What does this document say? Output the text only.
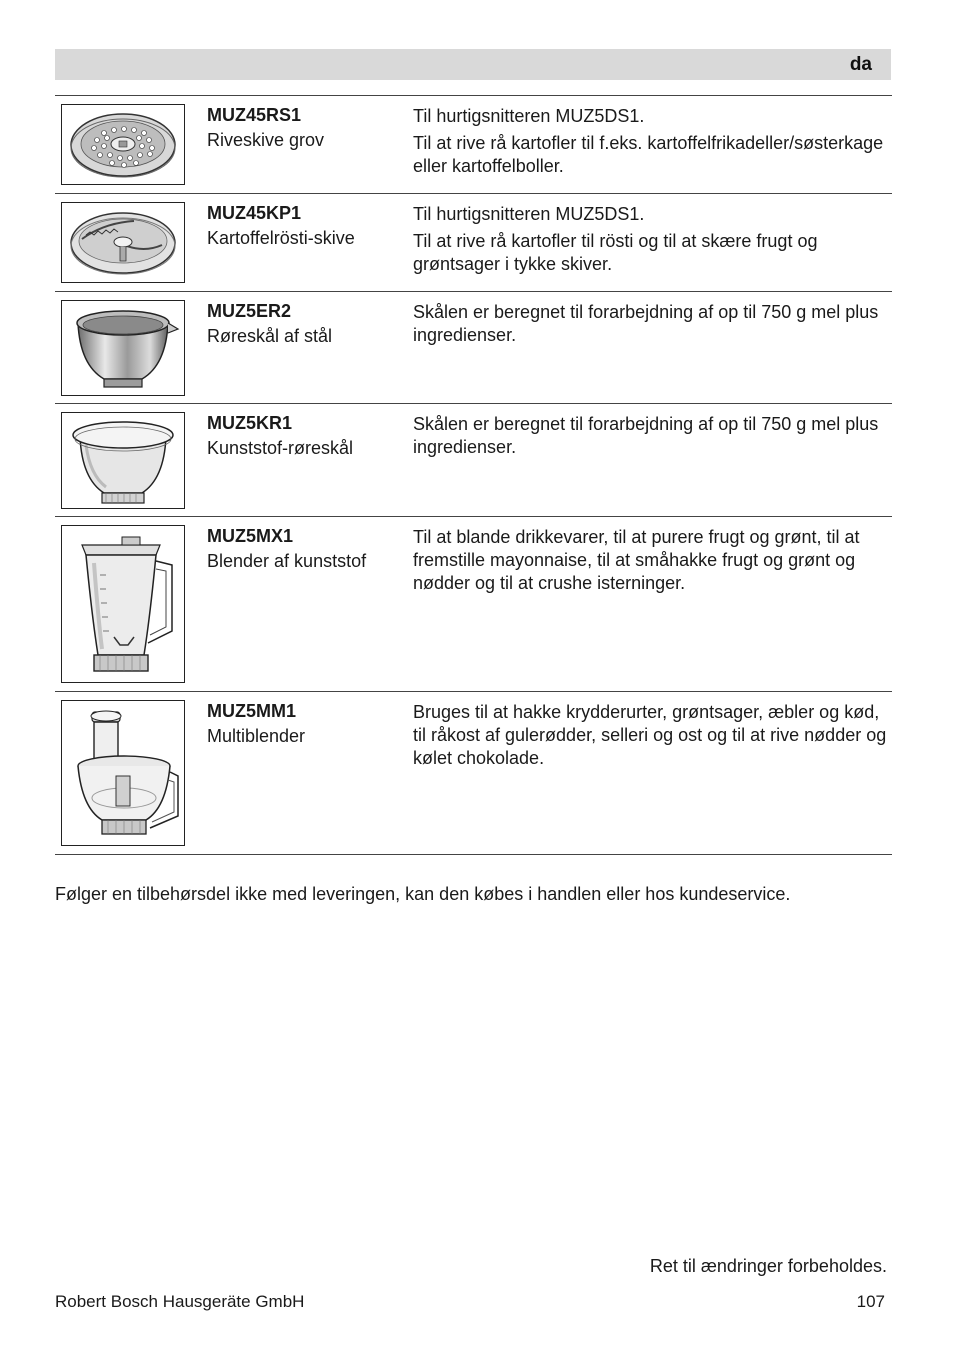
da
MUZ45RS1
Riveskive grov

Til hurtigsnitteren MUZ5DS1.

Til at rive rå kartofler til f.eks. kartoffelfrikadeller/søsterkage eller kartoffelboller.

MUZ45KP1
Kartoffelrösti-skive

Til hurtigsnitteren MUZ5DS1.

Til at rive rå kartofler til rösti og til at skære frugt og grøntsager i tykke skiver.

MUZ5ER2
Røreskål af stål

Skålen er beregnet til forarbejdning af op til 750 g mel plus ingredienser.

MUZ5KR1
Kunststof-røreskål

Skålen er beregnet til forarbejdning af op til 750 g mel plus ingredienser.

MUZ5MX1
Blender af kunststof

Til at blande drikkevarer, til at purere frugt og grønt, til at fremstille mayonnaise, til at småhakke frugt og grønt og nødder og til at crushe isterninger.

MUZ5MM1
Multiblender

Bruges til at hakke krydderurter, grøntsager, æbler og kød, til råkost af gulerødder, selleri og ost og til at rive nødder og kølet chokolade.

Følger en tilbehørsdel ikke med leveringen, kan den købes i handlen eller hos kundeservice.
Ret til ændringer forbeholdes.
Robert Bosch Hausgeräte GmbH	107
